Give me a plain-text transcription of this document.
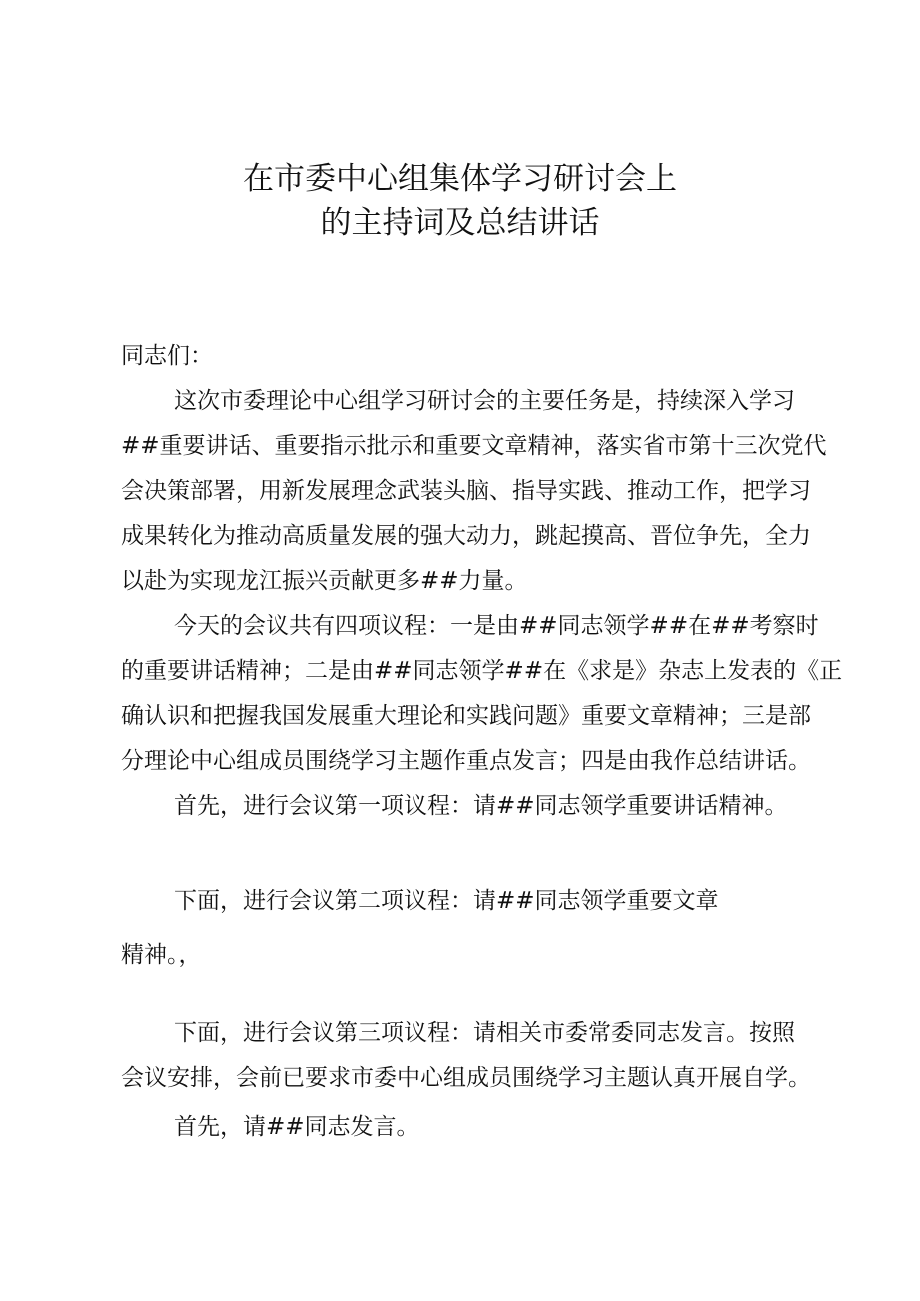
在市委中心组集体学习研讨会上
的主持词及总结讲话
同志们：
这次市委理论中心组学习研讨会的主要任务是，持续深入学习
##重要讲话、重要指示批示和重要文章精神，落实省市第十三次党代
会决策部署，用新发展理念武装头脑、指导实践、推动工作，把学习
成果转化为推动高质量发展的强大动力，跳起摸高、晋位争先，全力
以赴为实现龙江振兴贡献更多##力量。
今天的会议共有四项议程：一是由##同志领学##在##考察时
的重要讲话精神；二是由##同志领学##在《求是》杂志上发表的《正
确认识和把握我国发展重大理论和实践问题》重要文章精神；三是部
分理论中心组成员围绕学习主题作重点发言；四是由我作总结讲话。
首先，进行会议第一项议程：请##同志领学重要讲话精神。
下面，进行会议第二项议程：请##同志领学重要文章
精神。，
下面，进行会议第三项议程：请相关市委常委同志发言。按照
会议安排，会前已要求市委中心组成员围绕学习主题认真开展自学。
首先，请##同志发言。
